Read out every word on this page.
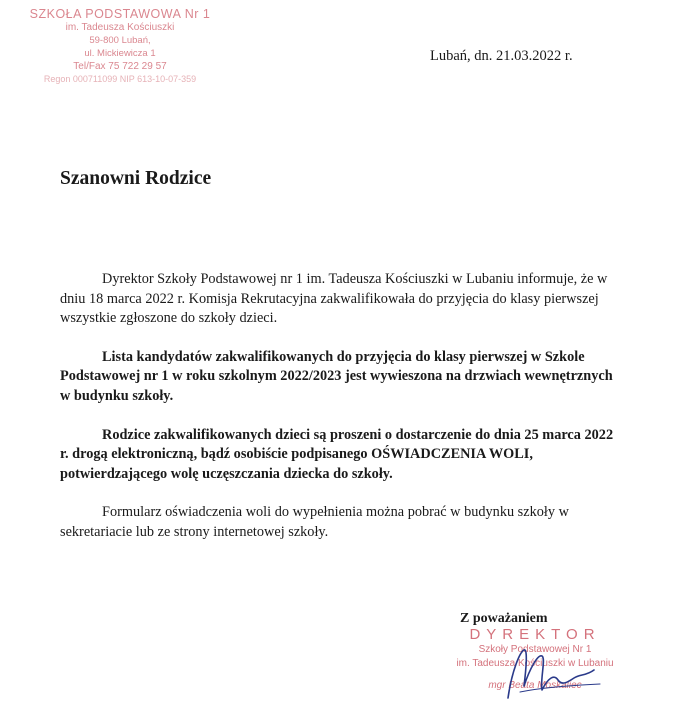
SZKOŁA PODSTAWOWA Nr 1
im. Tadeusza Kościuszki
59-800 Lubań,
ul. Mickiewicza 1
Tel/Fax 75 722 29 57
Regon 000711099 NIP 613-10-07-359
Lubań, dn. 21.03.2022 r.
Szanowni Rodzice

Dyrektor Szkoły Podstawowej nr 1 im. Tadeusza Kościuszki w Lubaniu informuje, że w dniu 18 marca 2022 r. Komisja Rekrutacyjna zakwalifikowała do przyjęcia do klasy pierwszej wszystkie zgłoszone do szkoły dzieci.

Lista kandydatów zakwalifikowanych do przyjęcia do klasy pierwszej w Szkole Podstawowej nr 1 w roku szkolnym 2022/2023 jest wywieszona na drzwiach wewnętrznych w budynku szkoły.

Rodzice zakwalifikowanych dzieci są proszeni o dostarczenie do dnia 25 marca 2022 r. drogą elektroniczną, bądź osobiście podpisanego OŚWIADCZENIA WOLI, potwierdzającego wolę uczęszczania dziecka do szkoły.

Formularz oświadczenia woli do wypełnienia można pobrać w budynku szkoły w sekretariacie lub ze strony internetowej szkoły.

Z poważaniem
DYREKTOR
Szkoły Podstawowej Nr 1
im. Tadeusza Kościuszki w Lubaniu
mgr Beata Moskaliec
